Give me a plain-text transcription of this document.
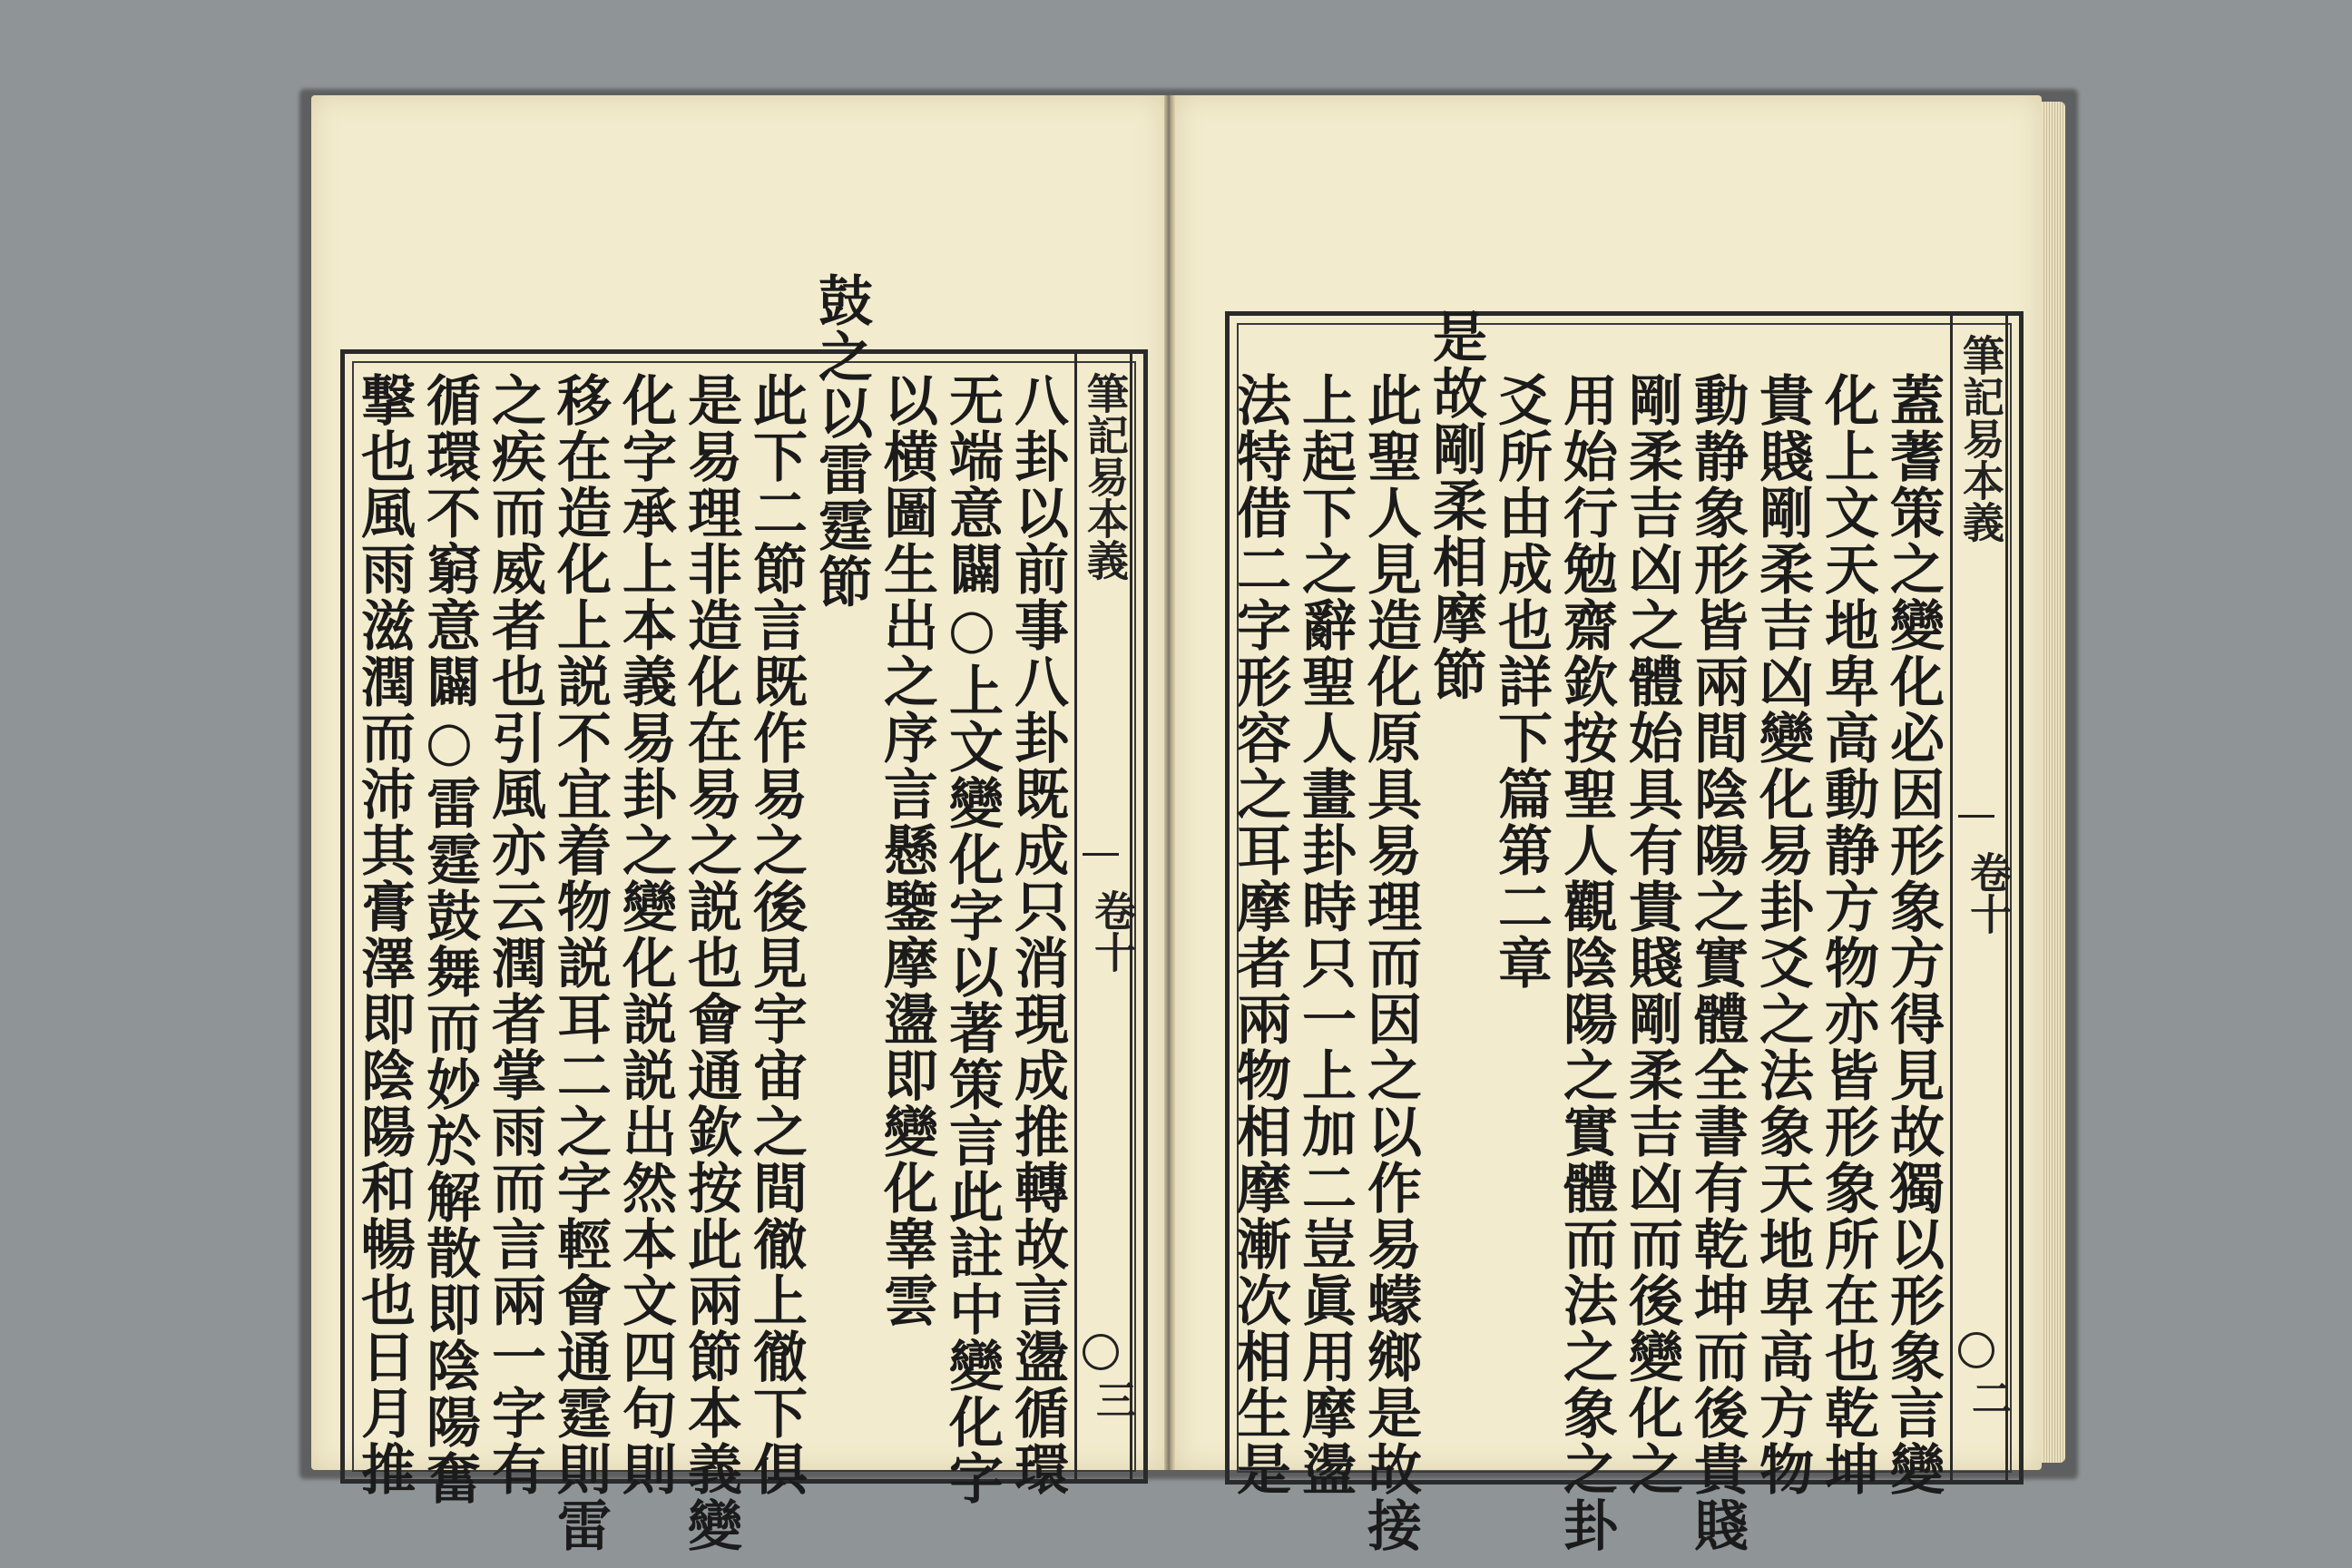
筆記易本義
卷十
三
八卦以前事八卦既成只消現成推轉故言盪循環
无端意闢○上文變化字以著策言此註中變化字
以横圖生出之序言懸鑒摩盪即變化睾雲
鼓之以雷霆節
此下二節言既作易之後見宇宙之間徹上徹下俱
是易理非造化在易之説也會通欽按此兩節本義變
化字承上本義易卦之變化説説出然本文四句則
移在造化上説不宜着物説耳二之字輕會通霆則雷
之疾而威者也引風亦云潤者掌雨而言兩一字有
循環不窮意闢○雷霆鼓舞而妙於解散即陰陽奮
撃也風雨滋潤而沛其膏澤即陰陽和暢也日月推	筆記易本義
卷十
二
蓋蓍策之變化必因形象方得見故獨以形象言變
化上文天地卑高動静方物亦皆形象所在也乾坤
貴賤剛柔吉凶變化易卦爻之法象天地卑高方物
動静象形皆兩間陰陽之實體全書有乾坤而後貴賤
剛柔吉凶之體始具有貴賤剛柔吉凶而後變化之
用始行勉齋欽按聖人觀陰陽之實體而法之象之卦
爻所由成也詳下篇第二章
是故剛柔相摩節
此聖人見造化原具易理而因之以作易蠓鄉是故接
上起下之辭聖人畫卦時只一上加二豈眞用摩盪
法特借二字形容之耳摩者兩物相摩漸次相生是
